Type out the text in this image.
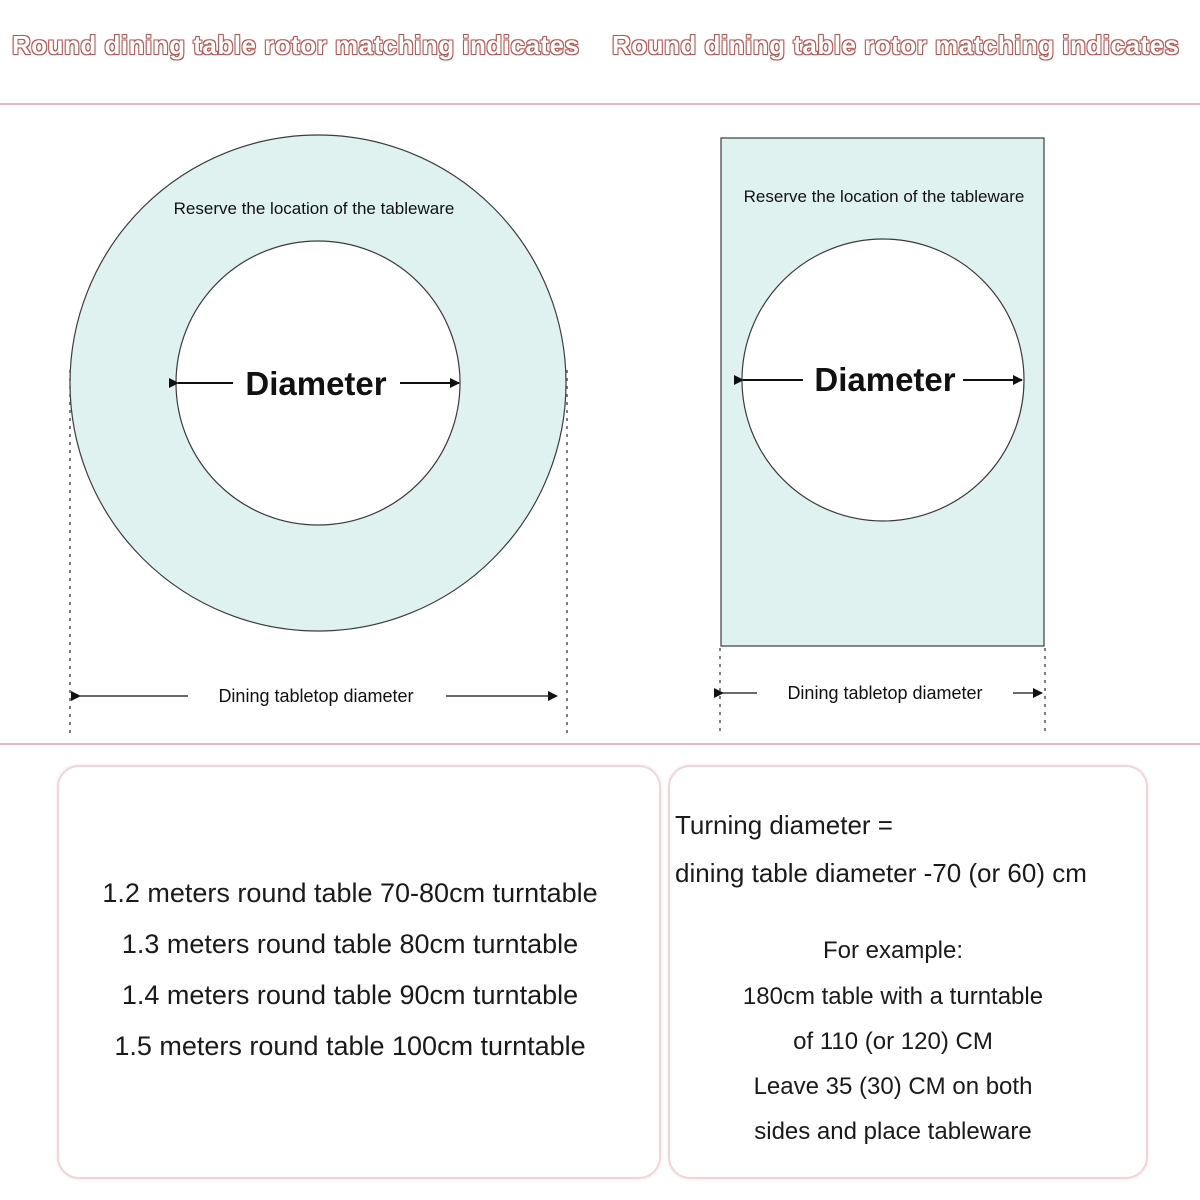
Round dining table rotor matching indicates Round dining table rotor matching indicates
Reserve the location of the tableware
Diameter
Dining tabletop diameter
Reserve the location of the tableware
Diameter
Dining tabletop diameter
1.2 meters round table 70-80cm turntable
1.3 meters round table 80cm turntable
1.4 meters round table 90cm turntable
1.5 meters round table 100cm turntable
Turning diameter =
dining table diameter -70 (or 60) cm
For example:
180cm table with a turntable
of 110 (or 120) CM
Leave 35 (30) CM on both
sides and place tableware
